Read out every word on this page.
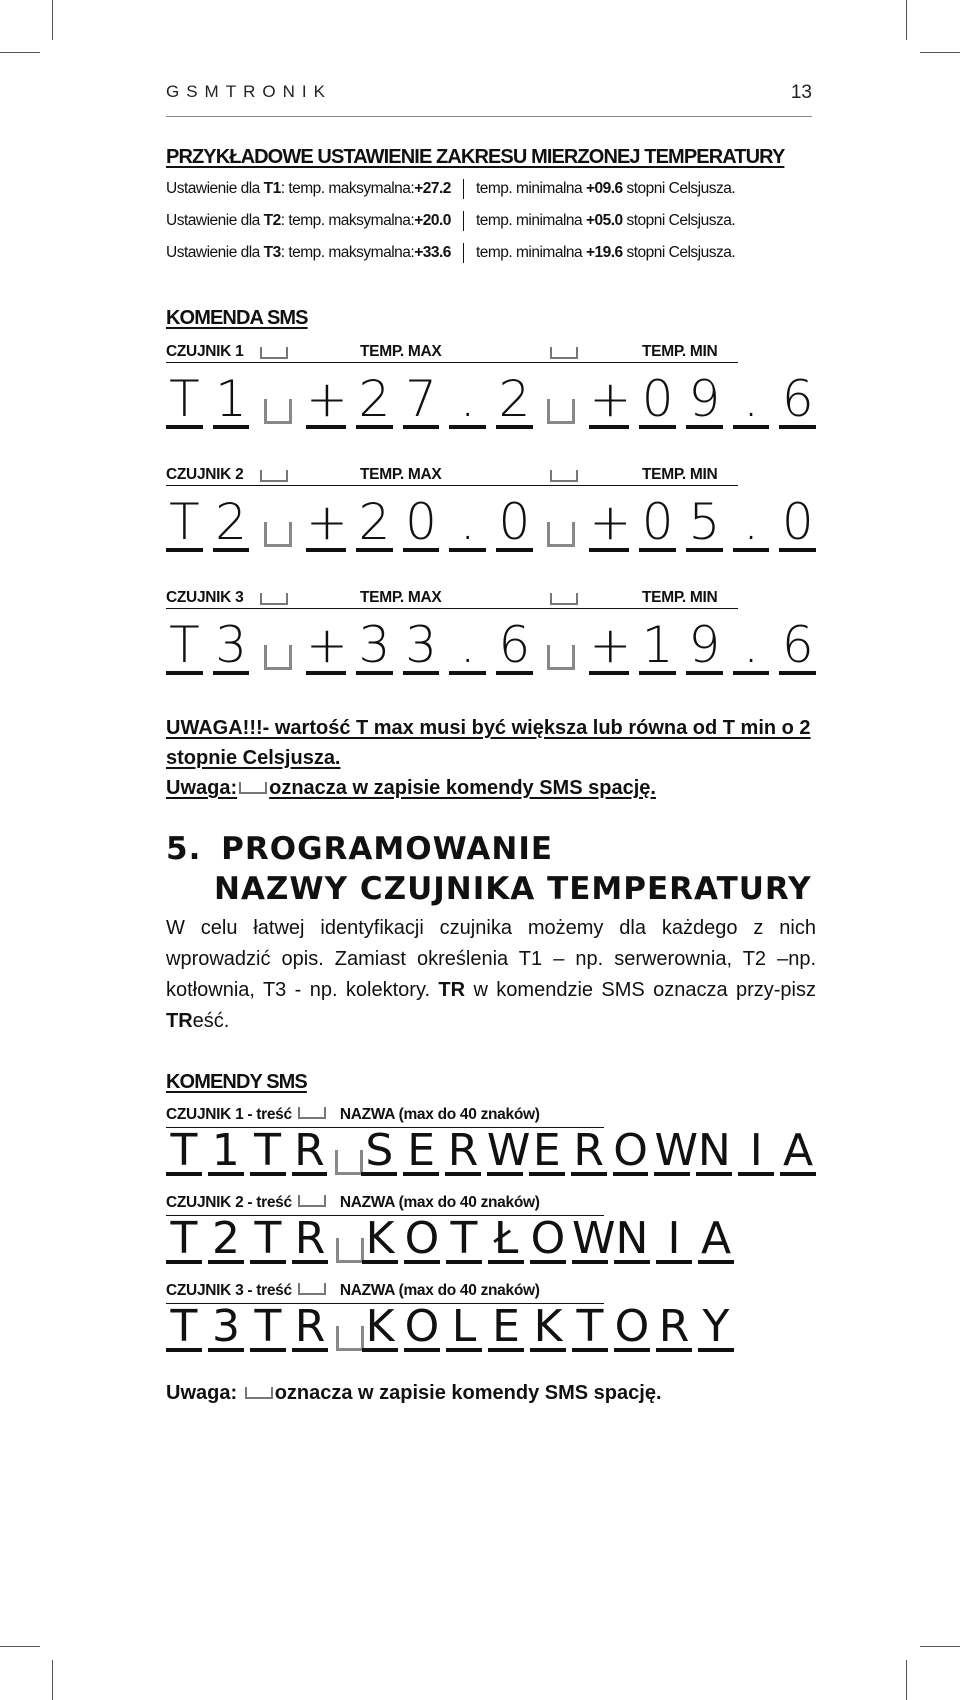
GSMTRONIK	13
PRZYKŁADOWE USTAWIENIE ZAKRESU MIERZONEJ TEMPERATURY
Ustawienie dla T1: temp. maksymalna:+27.2 temp. minimalna +09.6 stopni Celsjusza.
Ustawienie dla T2: temp. maksymalna:+20.0 temp. minimalna +05.0 stopni Celsjusza.
Ustawienie dla T3: temp. maksymalna:+33.6 temp. minimalna +19.6 stopni Celsjusza.
KOMENDA SMS
CZUJNIK 1	TEMP. MAX	TEMP. MIN
T 1 + 2 7 . 2 + 0 9 . 6
CZUJNIK 2	TEMP. MAX	TEMP. MIN
T 2 + 2 0 . 0 + 0 5 . 0
CZUJNIK 3	TEMP. MAX	TEMP. MIN
T 3 + 3 3 . 6 + 1 9 . 6
UWAGA!!!- wartość T max musi być większa lub równa od T min o 2 stopnie Celsjusza.
Uwaga: oznacza w zapisie komendy SMS spację.
5. PROGRAMOWANIE
NAZWY CZUJNIKA TEMPERATURY
W celu łatwej identyfikacji czujnika możemy dla każdego z nich wprowadzić opis. Zamiast określenia T1 – np. serwerownia, T2 –np. kotłownia, T3 - np. kolektory. TR w komendzie SMS oznacza przy-pisz TReść.
KOMENDY SMS
CZUJNIK 1 - treść	NAZWA (max do 40 znaków)
T 1 T R S E R W E R O W N I A
CZUJNIK 2 - treść	NAZWA (max do 40 znaków)
T 2 T R K O T Ł O W N I A
CZUJNIK 3 - treść	NAZWA (max do 40 znaków)
T 3 T R K O L E K T O R Y
Uwaga: oznacza w zapisie komendy SMS spację.
